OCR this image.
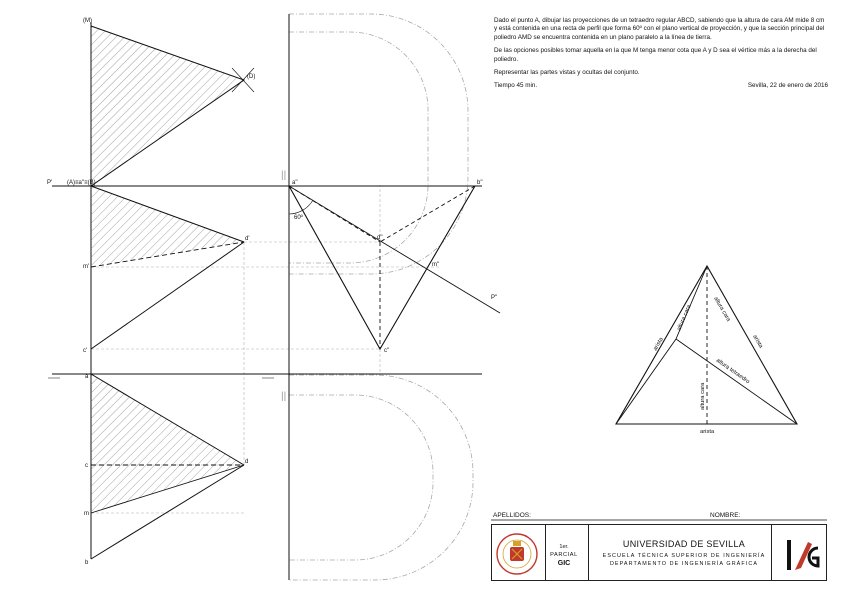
(M)
(D)
(A)≡a''≡(B)
P'	a''	b''
60º
d''
m''
c''
P''
d'
m'
c'
a
c
d
m
b
||
||
arista
altura cara	altura cara
arista
altura cara
altura tetraedro
arista

Dado el punto A, dibujar las proyecciones de un tetraedro regular ABCD, sabiendo que la altura de cara AM mide 8 cm y está contenida en una recta de perfil que forma 60º con el plano vertical de proyección, y que la sección principal del poliedro AMD se encuentra contenida en un plano paralelo a la línea de tierra.

De las opciones posibles tomar aquella en la que M tenga menor cota que A y D sea el vértice más a la derecha del poliedro.

Representar las partes vistas y ocultas del conjunto.

Tiempo 45 min.	Sevilla, 22 de enero de 2016
APELLIDOS:	NOMBRE:
1er.
PARCIAL
GIC
UNIVERSIDAD DE SEVILLA
ESCUELA TÉCNICA SUPERIOR DE INGENIERÍA
DEPARTAMENTO DE INGENIERÍA GRÁFICA
